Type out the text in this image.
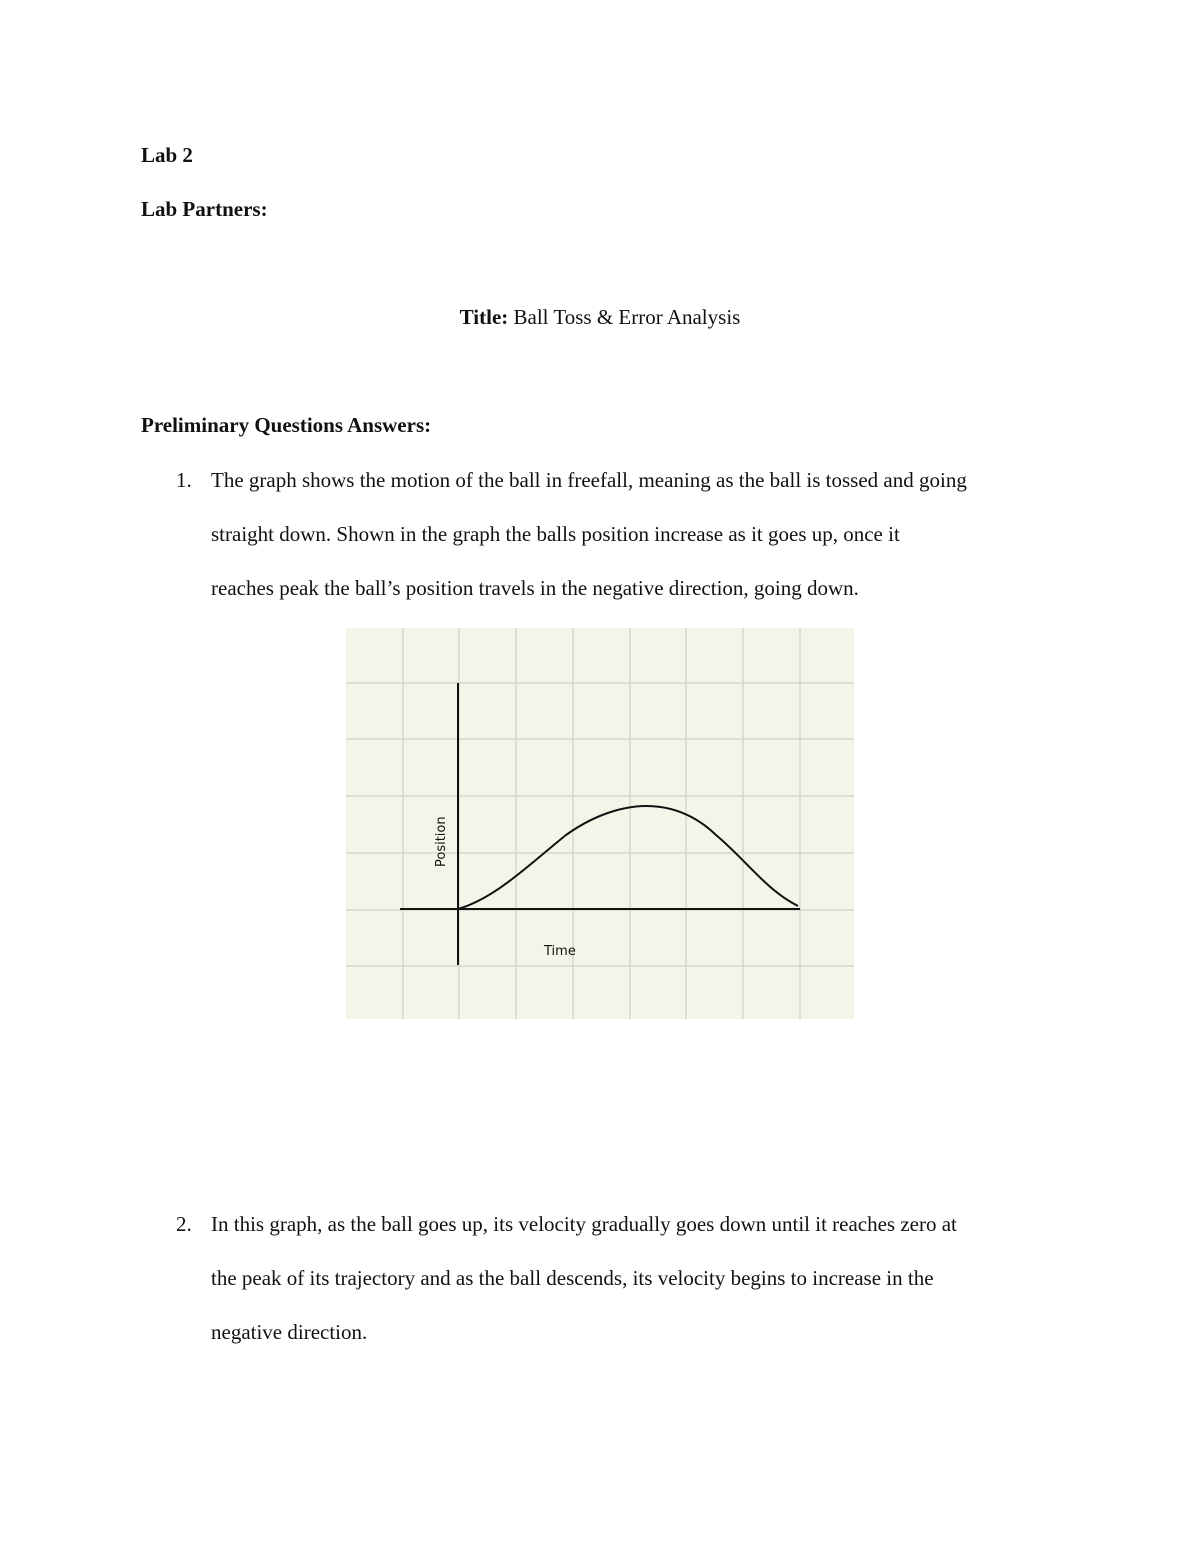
Lab 2

Lab Partners:

Title: Ball Toss & Error Analysis

Preliminary Questions Answers:

1. The graph shows the motion of the ball in freefall, meaning as the ball is tossed and going
straight down. Shown in the graph the balls position increase as it goes up, once it
reaches peak the ball’s position travels in the negative direction, going down.
Position
Time
2. In this graph, as the ball goes up, its velocity gradually goes down until it reaches zero at
the peak of its trajectory and as the ball descends, its velocity begins to increase in the
negative direction.
